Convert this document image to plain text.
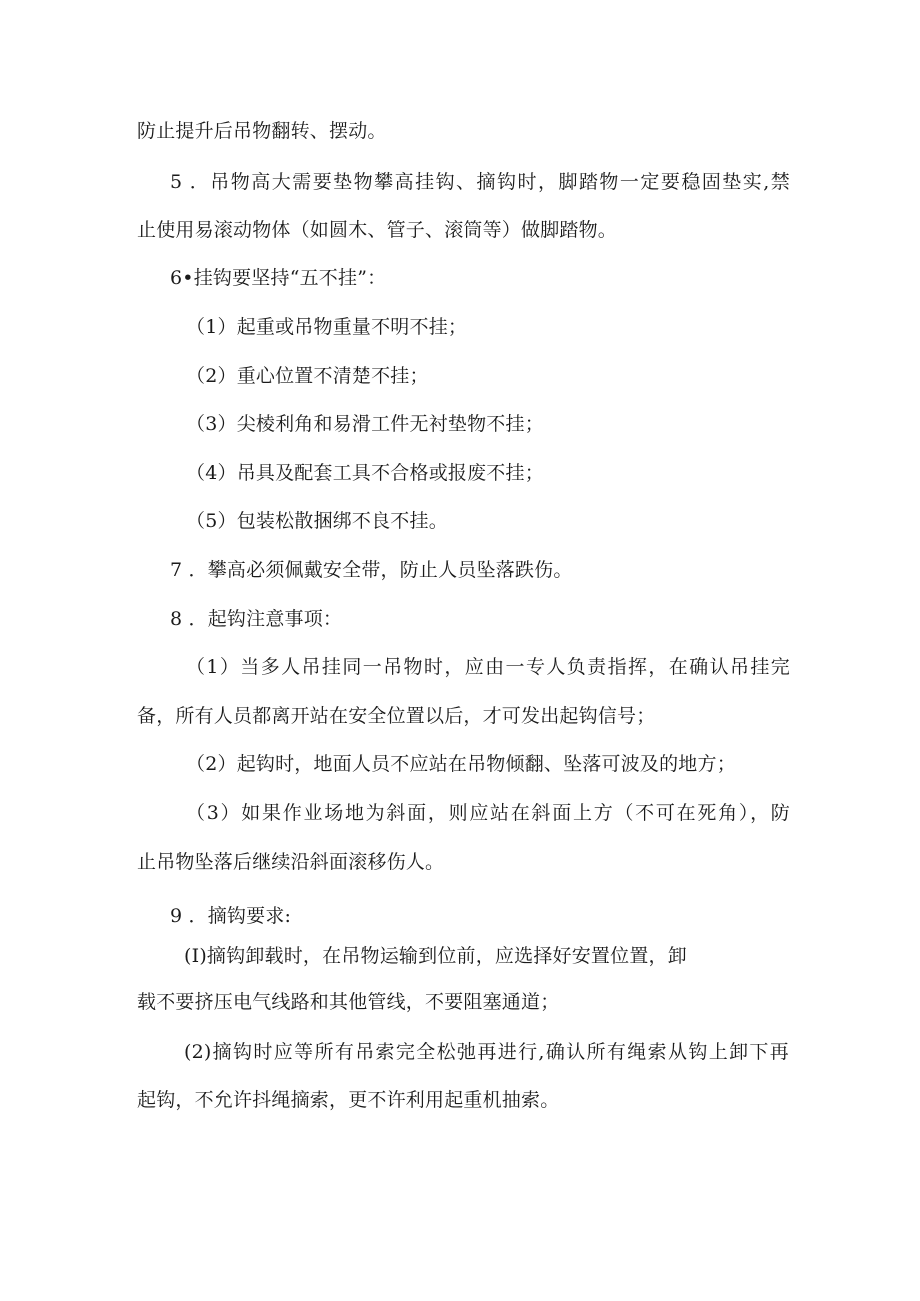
防止提升后吊物翻转、摆动。
5 ．吊物高大需要垫物攀高挂钩、摘钩时，脚踏物一定要稳固垫实,禁
止使用易滚动物体（如圆木、管子、滚筒等）做脚踏物。
6•挂钩要坚持“五不挂”：
（1）起重或吊物重量不明不挂；
（2）重心位置不清楚不挂；
（3）尖棱利角和易滑工件无衬垫物不挂；
（4）吊具及配套工具不合格或报废不挂；
（5）包装松散捆绑不良不挂。
7 ．攀高必须佩戴安全带，防止人员坠落跌伤。
8 ．起钩注意事项：
（1）当多人吊挂同一吊物时，应由一专人负责指挥，在确认吊挂完
备，所有人员都离开站在安全位置以后，才可发出起钩信号；
（2）起钩时，地面人员不应站在吊物倾翻、坠落可波及的地方；
（3）如果作业场地为斜面，则应站在斜面上方（不可在死角），防
止吊物坠落后继续沿斜面滚移伤人。
9 ．摘钩要求:
(I)摘钩卸载时，在吊物运输到位前，应选择好安置位置，卸
载不要挤压电气线路和其他管线，不要阻塞通道；
(2)摘钩时应等所有吊索完全松弛再进行,确认所有绳索从钩上卸下再
起钩，不允许抖绳摘索，更不许利用起重机抽索。
